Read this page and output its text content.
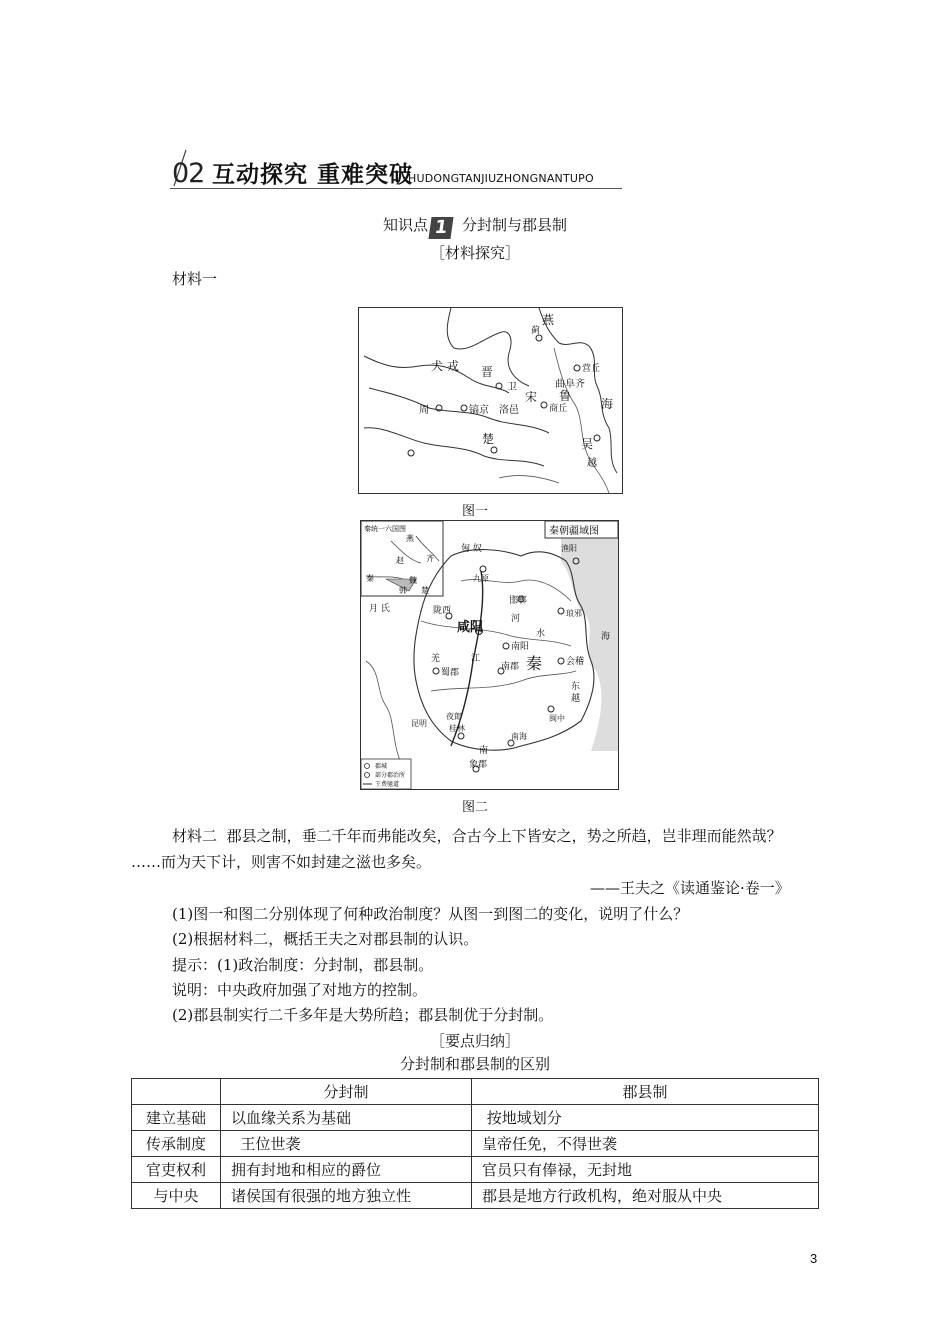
02 互动探究 重难突破
HUDONGTANJIUZHONGNANTUPO
知识点 1 分封制与郡县制
［材料探究］
材料一
燕
蓟
犬 戎 晋	营丘
曲阜齐
卫
宋 鲁
周	镐京 洛邑	商丘	海
楚	吴
越
图一
秦统一六国图
燕
赵	齐
秦	魏
韩 楚
秦朝疆域图
匈 奴	渔阳
九原
月 氏	陇西
咸阳
邯郸
琅邪
南阳
羌
蜀郡
南郡 秦	会稽
东
越
闽中
夜郎
桂林
南海
象郡
昆明
河
水
江
海
南
郡城
部分郡治所
王费驰道
图二
材料二 郡县之制，垂二千年而弗能改矣，合古今上下皆安之，势之所趋，岂非理而能然哉？
……而为天下计，则害不如封建之滋也多矣。
——王夫之《读通鉴论·卷一》
(1)图一和图二分别体现了何种政治制度？从图一到图二的变化，说明了什么？
(2)根据材料二，概括王夫之对郡县制的认识。
提示：(1)政治制度：分封制，郡县制。
说明：中央政府加强了对地方的控制。
(2)郡县制实行二千多年是大势所趋；郡县制优于分封制。
［要点归纳］
分封制和郡县制的区别
	分封制	郡县制
建立基础	以血缘关系为基础	按地域划分
传承制度	王位世袭	皇帝任免，不得世袭
官吏权利	拥有封地和相应的爵位	官员只有俸禄，无封地
与中央	诸侯国有很强的地方独立性	郡县是地方行政机构，绝对服从中央
3
